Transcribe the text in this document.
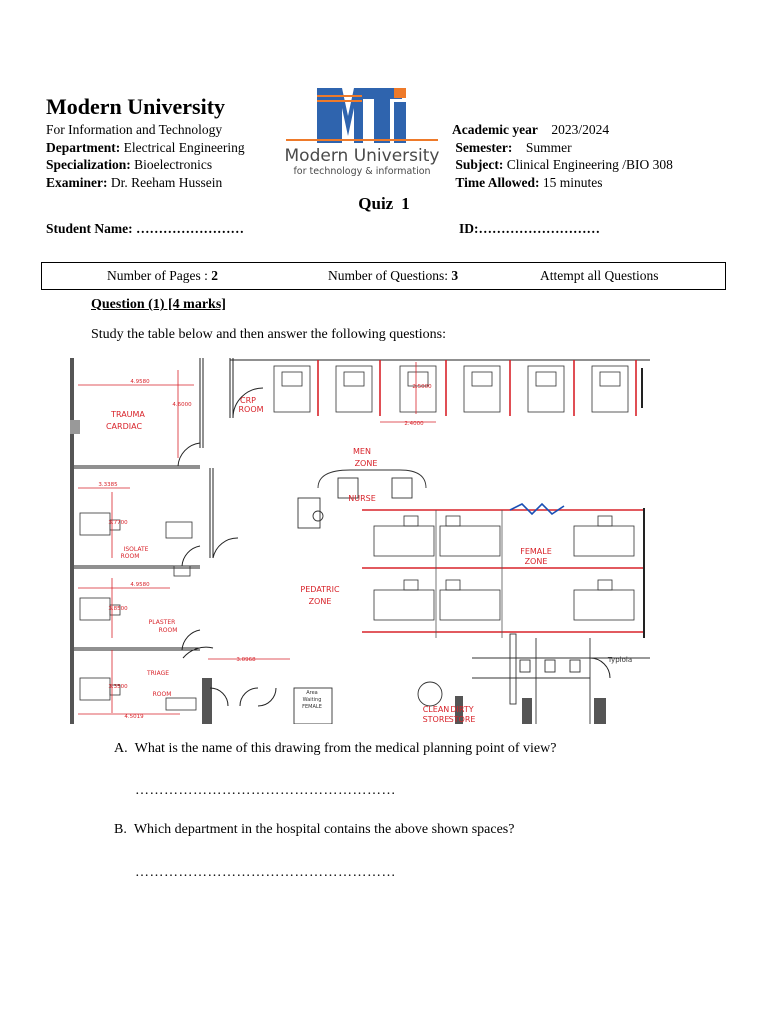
Modern University
For Information and Technology
Department: Electrical Engineering
Specialization: Bioelectronics
Examiner: Dr. Reeham Hussein
Modern University
for technology & information
Academic year 2023/2024
Semester: Summer
Subject: Clinical Engineering /BIO 308
Time Allowed: 15 minutes
Quiz 1
Student Name: ……………………	ID:………………………
Number of Pages : 2	Number of Questions: 3	Attempt all Questions
Question (1) [4 marks]
Study the table below and then answer the following questions:
TRAUMA
CARDIAC
CRP
ROOM
MEN
ZONE
NURSE
FEMALE
ZONE
PEDATRIC
ZONE
CLEAN
STORE
DIRTY
STORE
ISOLATE
ROOM
PLASTER
ROOM
TRIAGE
ROOM	Area
Waiting
FEMALE
Typlola
4.9580
4.6000
2.4000
2.5000
3.3385
3.7700
4.9580
3.8500
3.0968
4.5019
3.3500
A. What is the name of this drawing from the medical planning point of view?
………………………………………………
B. Which department in the hospital contains the above shown spaces?
………………………………………………
